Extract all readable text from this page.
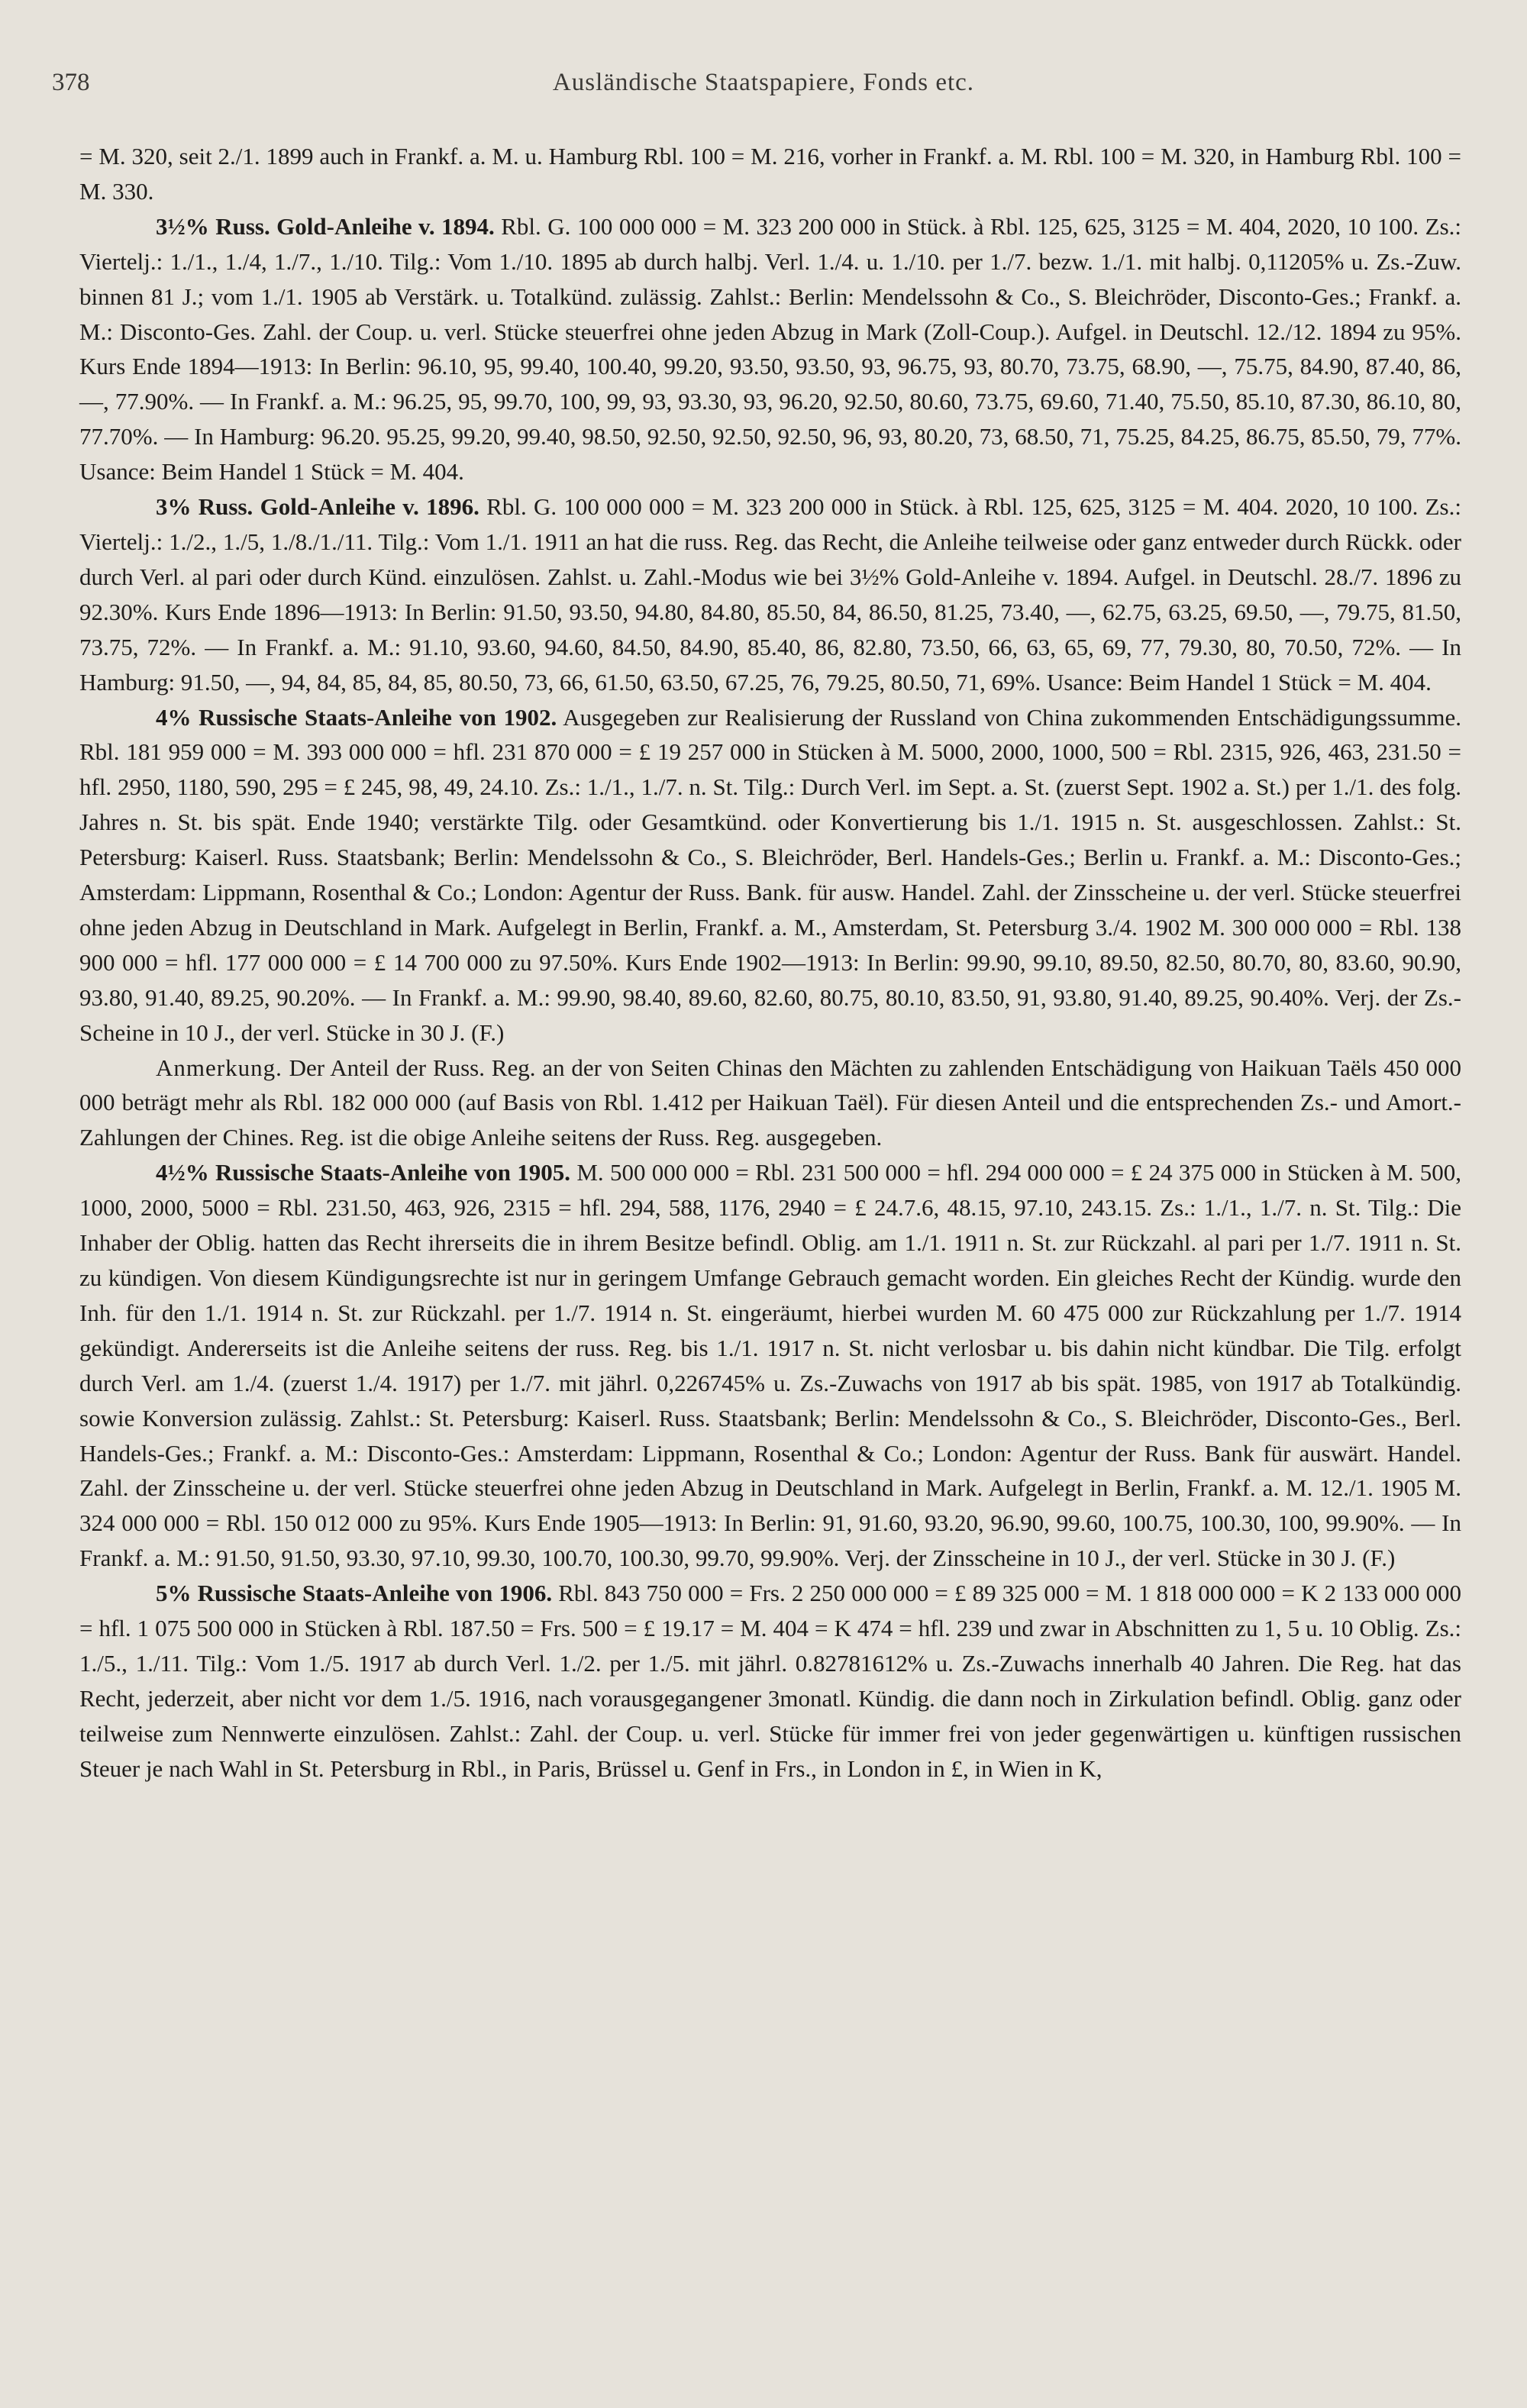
378	Ausländische Staatspapiere, Fonds etc.

= M. 320, seit 2./1. 1899 auch in Frankf. a. M. u. Hamburg Rbl. 100 = M. 216, vorher in Frankf. a. M. Rbl. 100 = M. 320, in Hamburg Rbl. 100 = M. 330.

3½% Russ. Gold-Anleihe v. 1894. Rbl. G. 100 000 000 = M. 323 200 000 in Stück. à Rbl. 125, 625, 3125 = M. 404, 2020, 10 100. Zs.: Viertelj.: 1./1., 1./4, 1./7., 1./10. Tilg.: Vom 1./10. 1895 ab durch halbj. Verl. 1./4. u. 1./10. per 1./7. bezw. 1./1. mit halbj. 0,11205% u. Zs.-Zuw. binnen 81 J.; vom 1./1. 1905 ab Verstärk. u. Totalkünd. zulässig. Zahlst.: Berlin: Mendelssohn & Co., S. Bleichröder, Disconto-Ges.; Frankf. a. M.: Disconto-Ges. Zahl. der Coup. u. verl. Stücke steuerfrei ohne jeden Abzug in Mark (Zoll-Coup.). Aufgel. in Deutschl. 12./12. 1894 zu 95%. Kurs Ende 1894—1913: In Berlin: 96.10, 95, 99.40, 100.40, 99.20, 93.50, 93.50, 93, 96.75, 93, 80.70, 73.75, 68.90, —, 75.75, 84.90, 87.40, 86, —, 77.90%. — In Frankf. a. M.: 96.25, 95, 99.70, 100, 99, 93, 93.30, 93, 96.20, 92.50, 80.60, 73.75, 69.60, 71.40, 75.50, 85.10, 87.30, 86.10, 80, 77.70%. — In Hamburg: 96.20. 95.25, 99.20, 99.40, 98.50, 92.50, 92.50, 92.50, 96, 93, 80.20, 73, 68.50, 71, 75.25, 84.25, 86.75, 85.50, 79, 77%. Usance: Beim Handel 1 Stück = M. 404.

3% Russ. Gold-Anleihe v. 1896. Rbl. G. 100 000 000 = M. 323 200 000 in Stück. à Rbl. 125, 625, 3125 = M. 404. 2020, 10 100. Zs.: Viertelj.: 1./2., 1./5, 1./8./1./11. Tilg.: Vom 1./1. 1911 an hat die russ. Reg. das Recht, die Anleihe teilweise oder ganz entweder durch Rückk. oder durch Verl. al pari oder durch Künd. einzulösen. Zahlst. u. Zahl.-Modus wie bei 3½% Gold-Anleihe v. 1894. Aufgel. in Deutschl. 28./7. 1896 zu 92.30%. Kurs Ende 1896—1913: In Berlin: 91.50, 93.50, 94.80, 84.80, 85.50, 84, 86.50, 81.25, 73.40, —, 62.75, 63.25, 69.50, —, 79.75, 81.50, 73.75, 72%. — In Frankf. a. M.: 91.10, 93.60, 94.60, 84.50, 84.90, 85.40, 86, 82.80, 73.50, 66, 63, 65, 69, 77, 79.30, 80, 70.50, 72%. — In Hamburg: 91.50, —, 94, 84, 85, 84, 85, 80.50, 73, 66, 61.50, 63.50, 67.25, 76, 79.25, 80.50, 71, 69%. Usance: Beim Handel 1 Stück = M. 404.

4% Russische Staats-Anleihe von 1902. Ausgegeben zur Realisierung der Russland von China zukommenden Entschädigungssumme. Rbl. 181 959 000 = M. 393 000 000 = hfl. 231 870 000 = £ 19 257 000 in Stücken à M. 5000, 2000, 1000, 500 = Rbl. 2315, 926, 463, 231.50 = hfl. 2950, 1180, 590, 295 = £ 245, 98, 49, 24.10. Zs.: 1./1., 1./7. n. St. Tilg.: Durch Verl. im Sept. a. St. (zuerst Sept. 1902 a. St.) per 1./1. des folg. Jahres n. St. bis spät. Ende 1940; verstärkte Tilg. oder Gesamtkünd. oder Konvertierung bis 1./1. 1915 n. St. ausgeschlossen. Zahlst.: St. Petersburg: Kaiserl. Russ. Staatsbank; Berlin: Mendelssohn & Co., S. Bleichröder, Berl. Handels-Ges.; Berlin u. Frankf. a. M.: Disconto-Ges.; Amsterdam: Lippmann, Rosenthal & Co.; London: Agentur der Russ. Bank. für ausw. Handel. Zahl. der Zinsscheine u. der verl. Stücke steuerfrei ohne jeden Abzug in Deutschland in Mark. Aufgelegt in Berlin, Frankf. a. M., Amsterdam, St. Petersburg 3./4. 1902 M. 300 000 000 = Rbl. 138 900 000 = hfl. 177 000 000 = £ 14 700 000 zu 97.50%. Kurs Ende 1902—1913: In Berlin: 99.90, 99.10, 89.50, 82.50, 80.70, 80, 83.60, 90.90, 93.80, 91.40, 89.25, 90.20%. — In Frankf. a. M.: 99.90, 98.40, 89.60, 82.60, 80.75, 80.10, 83.50, 91, 93.80, 91.40, 89.25, 90.40%. Verj. der Zs.-Scheine in 10 J., der verl. Stücke in 30 J. (F.)

Anmerkung. Der Anteil der Russ. Reg. an der von Seiten Chinas den Mächten zu zahlenden Entschädigung von Haikuan Taëls 450 000 000 beträgt mehr als Rbl. 182 000 000 (auf Basis von Rbl. 1.412 per Haikuan Taël). Für diesen Anteil und die entsprechenden Zs.- und Amort.-Zahlungen der Chines. Reg. ist die obige Anleihe seitens der Russ. Reg. ausgegeben.

4½% Russische Staats-Anleihe von 1905. M. 500 000 000 = Rbl. 231 500 000 = hfl. 294 000 000 = £ 24 375 000 in Stücken à M. 500, 1000, 2000, 5000 = Rbl. 231.50, 463, 926, 2315 = hfl. 294, 588, 1176, 2940 = £ 24.7.6, 48.15, 97.10, 243.15. Zs.: 1./1., 1./7. n. St. Tilg.: Die Inhaber der Oblig. hatten das Recht ihrerseits die in ihrem Besitze befindl. Oblig. am 1./1. 1911 n. St. zur Rückzahl. al pari per 1./7. 1911 n. St. zu kündigen. Von diesem Kündigungsrechte ist nur in geringem Umfange Gebrauch gemacht worden. Ein gleiches Recht der Kündig. wurde den Inh. für den 1./1. 1914 n. St. zur Rückzahl. per 1./7. 1914 n. St. eingeräumt, hierbei wurden M. 60 475 000 zur Rückzahlung per 1./7. 1914 gekündigt. Andererseits ist die Anleihe seitens der russ. Reg. bis 1./1. 1917 n. St. nicht verlosbar u. bis dahin nicht kündbar. Die Tilg. erfolgt durch Verl. am 1./4. (zuerst 1./4. 1917) per 1./7. mit jährl. 0,226745% u. Zs.-Zuwachs von 1917 ab bis spät. 1985, von 1917 ab Totalkündig. sowie Konversion zulässig. Zahlst.: St. Petersburg: Kaiserl. Russ. Staatsbank; Berlin: Mendelssohn & Co., S. Bleichröder, Disconto-Ges., Berl. Handels-Ges.; Frankf. a. M.: Disconto-Ges.: Amsterdam: Lippmann, Rosenthal & Co.; London: Agentur der Russ. Bank für auswärt. Handel. Zahl. der Zinsscheine u. der verl. Stücke steuerfrei ohne jeden Abzug in Deutschland in Mark. Aufgelegt in Berlin, Frankf. a. M. 12./1. 1905 M. 324 000 000 = Rbl. 150 012 000 zu 95%. Kurs Ende 1905—1913: In Berlin: 91, 91.60, 93.20, 96.90, 99.60, 100.75, 100.30, 100, 99.90%. — In Frankf. a. M.: 91.50, 91.50, 93.30, 97.10, 99.30, 100.70, 100.30, 99.70, 99.90%. Verj. der Zinsscheine in 10 J., der verl. Stücke in 30 J. (F.)

5% Russische Staats-Anleihe von 1906. Rbl. 843 750 000 = Frs. 2 250 000 000 = £ 89 325 000 = M. 1 818 000 000 = K 2 133 000 000 = hfl. 1 075 500 000 in Stücken à Rbl. 187.50 = Frs. 500 = £ 19.17 = M. 404 = K 474 = hfl. 239 und zwar in Abschnitten zu 1, 5 u. 10 Oblig. Zs.: 1./5., 1./11. Tilg.: Vom 1./5. 1917 ab durch Verl. 1./2. per 1./5. mit jährl. 0.82781612% u. Zs.-Zuwachs innerhalb 40 Jahren. Die Reg. hat das Recht, jederzeit, aber nicht vor dem 1./5. 1916, nach vorausgegangener 3monatl. Kündig. die dann noch in Zirkulation befindl. Oblig. ganz oder teilweise zum Nennwerte einzulösen. Zahlst.: Zahl. der Coup. u. verl. Stücke für immer frei von jeder gegenwärtigen u. künftigen russischen Steuer je nach Wahl in St. Petersburg in Rbl., in Paris, Brüssel u. Genf in Frs., in London in £, in Wien in K,
